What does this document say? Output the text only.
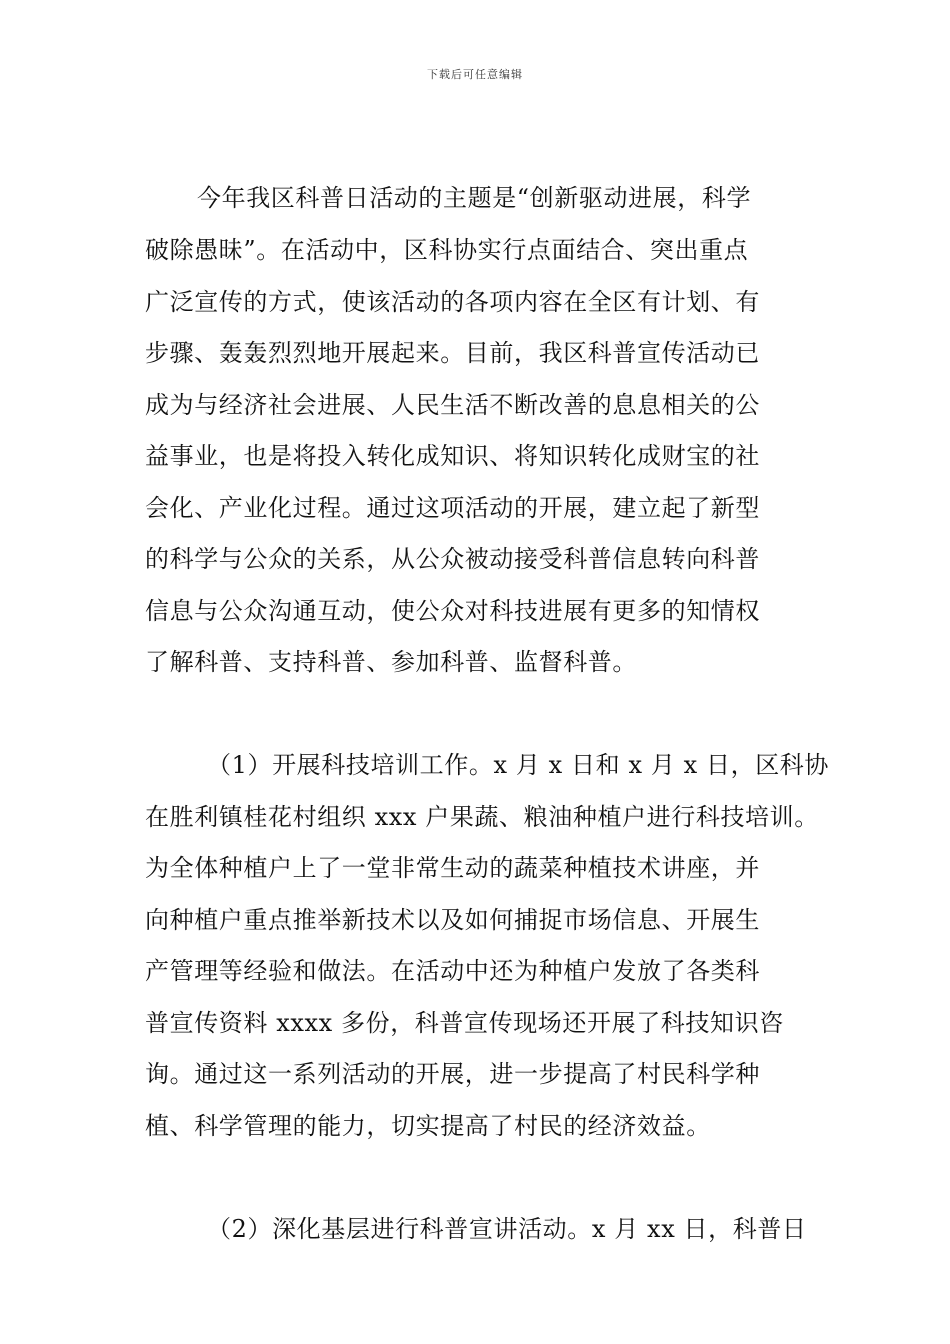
下载后可任意编辑
今年我区科普日活动的主题是“创新驱动进展，科学
破除愚昧”。在活动中，区科协实行点面结合、突出重点
广泛宣传的方式，使该活动的各项内容在全区有计划、有
步骤、轰轰烈烈地开展起来。目前，我区科普宣传活动已
成为与经济社会进展、人民生活不断改善的息息相关的公
益事业，也是将投入转化成知识、将知识转化成财宝的社
会化、产业化过程。通过这项活动的开展，建立起了新型
的科学与公众的关系，从公众被动接受科普信息转向科普
信息与公众沟通互动，使公众对科技进展有更多的知情权
了解科普、支持科普、参加科普、监督科普。
（1）开展科技培训工作。x 月 x 日和 x 月 x 日，区科协
在胜利镇桂花村组织 xxx 户果蔬、粮油种植户进行科技培训。
为全体种植户上了一堂非常生动的蔬菜种植技术讲座，并
向种植户重点推举新技术以及如何捕捉市场信息、开展生
产管理等经验和做法。在活动中还为种植户发放了各类科
普宣传资料 xxxx 多份，科普宣传现场还开展了科技知识咨
询。通过这一系列活动的开展，进一步提高了村民科学种
植、科学管理的能力，切实提高了村民的经济效益。
（2）深化基层进行科普宣讲活动。x 月 xx 日，科普日
